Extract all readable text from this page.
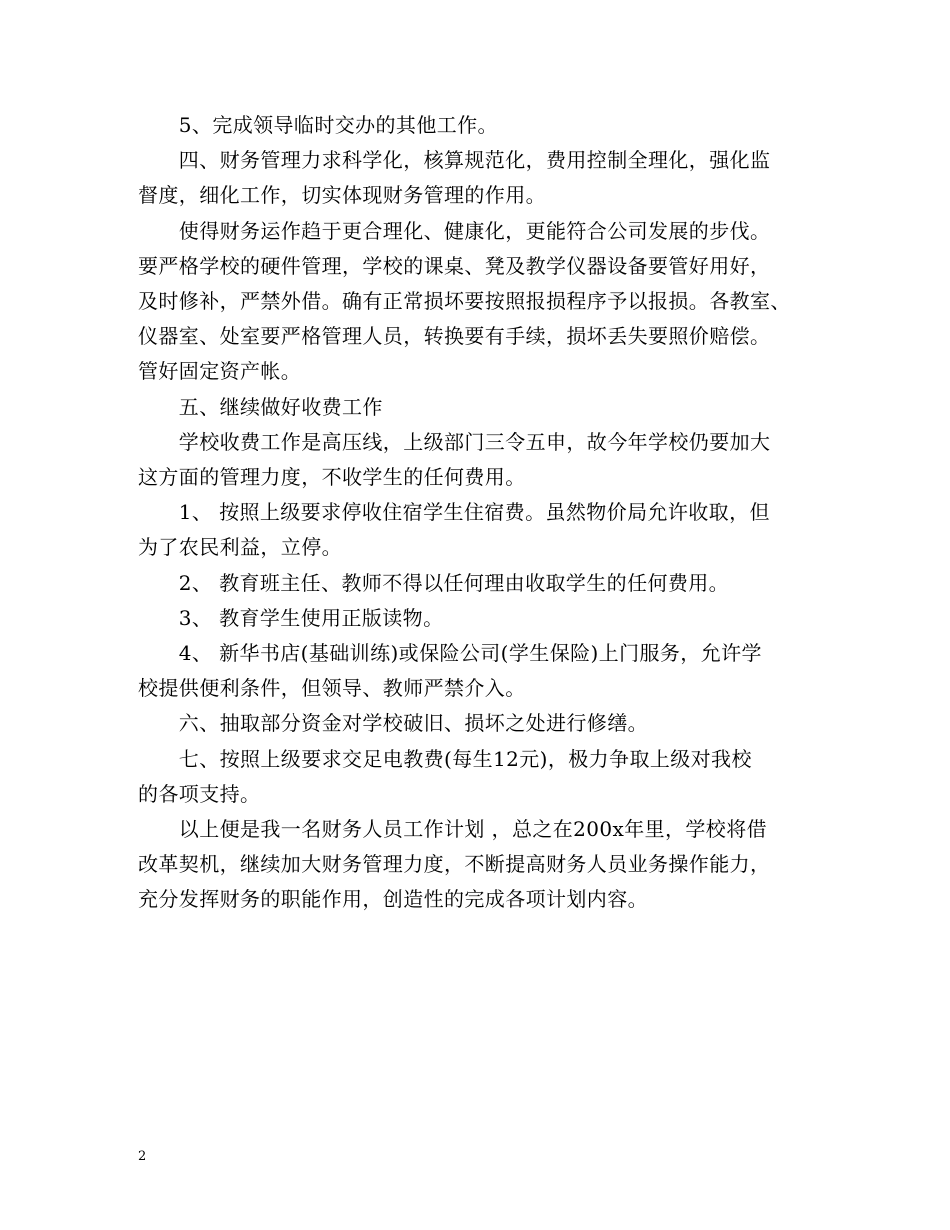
　　5、完成领导临时交办的其他工作。
　　四、财务管理力求科学化，核算规范化，费用控制全理化，强化监
督度，细化工作，切实体现财务管理的作用。
　　使得财务运作趋于更合理化、健康化，更能符合公司发展的步伐。
要严格学校的硬件管理，学校的课桌、凳及教学仪器设备要管好用好，
及时修补，严禁外借。确有正常损坏要按照报损程序予以报损。各教室、
仪器室、处室要严格管理人员，转换要有手续，损坏丢失要照价赔偿。
管好固定资产帐。
　　五、继续做好收费工作
　　学校收费工作是高压线，上级部门三令五申，故今年学校仍要加大
这方面的管理力度，不收学生的任何费用。
　　1、 按照上级要求停收住宿学生住宿费。虽然物价局允许收取，但
为了农民利益，立停。
　　2、 教育班主任、教师不得以任何理由收取学生的任何费用。
　　3、 教育学生使用正版读物。
　　4、 新华书店(基础训练)或保险公司(学生保险)上门服务，允许学
校提供便利条件，但领导、教师严禁介入。
　　六、抽取部分资金对学校破旧、损坏之处进行修缮。
　　七、按照上级要求交足电教费(每生12元)，极力争取上级对我校
的各项支持。
　　以上便是我一名财务人员工作计划 ，总之在200x年里，学校将借
改革契机，继续加大财务管理力度，不断提高财务人员业务操作能力，
充分发挥财务的职能作用，创造性的完成各项计划内容。
2
